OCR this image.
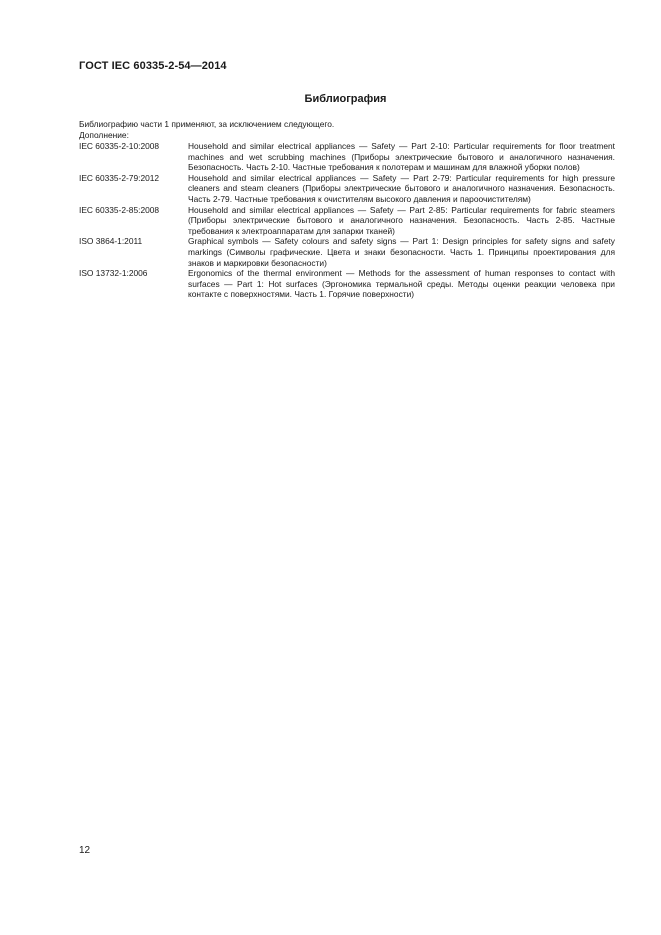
ГОСТ IEC 60335-2-54—2014
Библиография
Библиографию части 1 применяют, за исключением следующего.
Дополнение:
IEC 60335-2-10:2008	Household and similar electrical appliances — Safety — Part 2-10: Particular requirements for floor treatment machines and wet scrubbing machines (Приборы электрические бытового и аналогичного назначения. Безопасность. Часть 2-10. Частные требования к полотерам и машинам для влажной уборки полов)
IEC 60335-2-79:2012	Household and similar electrical appliances — Safety — Part 2-79: Particular requirements for high pressure cleaners and steam cleaners (Приборы электрические бытового и аналогичного назначения. Безопасность. Часть 2-79. Частные требования к очистителям высокого давления и пароочистителям)
IEC 60335-2-85:2008	Household and similar electrical appliances — Safety — Part 2-85: Particular requirements for fabric steamers (Приборы электрические бытового и аналогичного назначения. Безопасность. Часть 2-85. Частные требования к электроаппаратам для запарки тканей)
ISO 3864-1:2011	Graphical symbols — Safety colours and safety signs — Part 1: Design principles for safety signs and safety markings (Символы графические. Цвета и знаки безопасности. Часть 1. Принципы проектирования для знаков и маркировки безопасности)
ISO 13732-1:2006	Ergonomics of the thermal environment — Methods for the assessment of human responses to contact with surfaces — Part 1: Hot surfaces (Эргономика термальной среды. Методы оценки реакции человека при контакте с поверхностями. Часть 1. Горячие поверхности)
12
